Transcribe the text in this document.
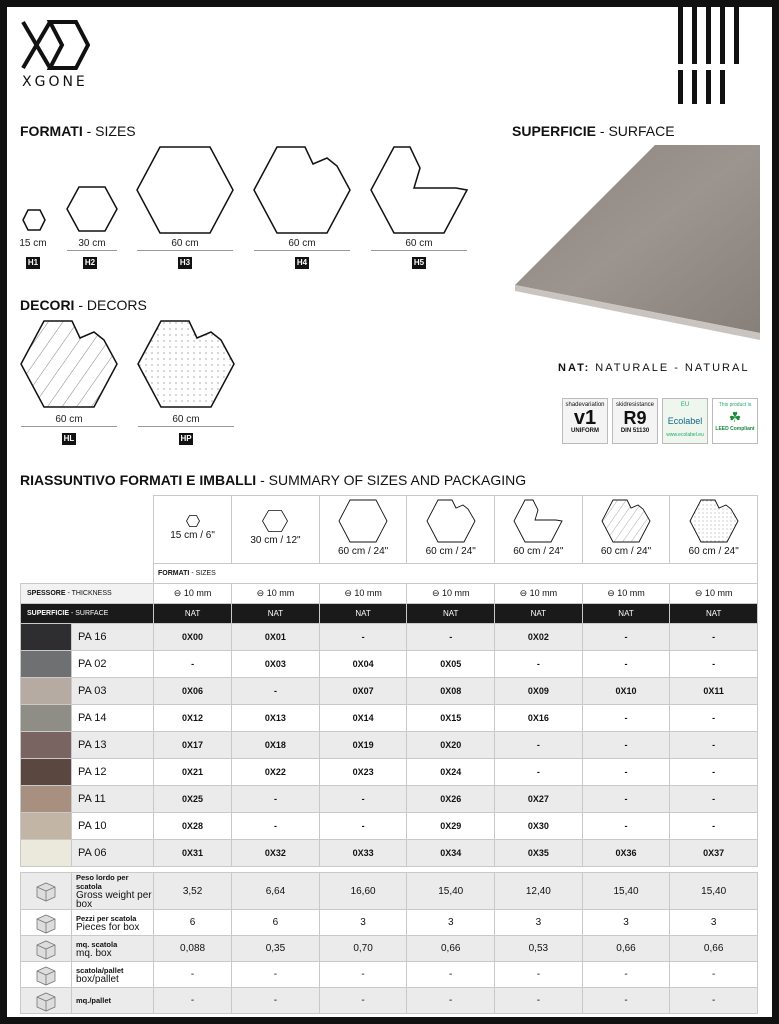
XGONE
FORMATI - SIZES
15 cm
H1
30 cm
H2
60 cm
H3
60 cm
H4
60 cm
H5
DECORI - DECORS
60 cm
HL
60 cm
HP
SUPERFICIE - SURFACE
NAT: NATURALE - NATURAL
shadevariation
v1
UNIFORM
skidresistance
R9
DIN 51130
EU
Ecolabel
www.ecolabel.eu
This product is
☘
LEED Compliant
RIASSUNTIVO FORMATI E IMBALLI - SUMMARY OF SIZES AND PACKAGING

15 cm / 6"	30 cm / 12"	60 cm / 24"	60 cm / 24"	60 cm / 24"	60 cm / 24"	60 cm / 24"
		FORMATI - SIZES						
SPESSORE - THICKNESS		⊖ 10 mm	⊖ 10 mm	⊖ 10 mm	⊖ 10 mm	⊖ 10 mm	⊖ 10 mm	⊖ 10 mm
SUPERFICIE - SURFACE		NAT	NAT	NAT	NAT	NAT	NAT	NAT

	PA 16	0X00	0X01	-	-	0X02	-	-

	PA 02	-	0X03	0X04	0X05	-	-	-

	PA 03	0X06	-	0X07	0X08	0X09	0X10	0X11

	PA 14	0X12	0X13	0X14	0X15	0X16	-	-

	PA 13	0X17	0X18	0X19	0X20	-	-	-

	PA 12	0X21	0X22	0X23	0X24	-	-	-

	PA 11	0X25	-	-	0X26	0X27	-	-

	PA 10	0X28	-	-	0X29	0X30	-	-

	PA 06	0X31	0X32	0X33	0X34	0X35	0X36	0X37

	Peso lordo per scatola
Gross weight per box	3,52	6,64	16,60	15,40	12,40	15,40	15,40
	Pezzi per scatola
Pieces for box	6	6	3	3	3	3	3
	mq. scatola
mq. box	0,088	0,35	0,70	0,66	0,53	0,66	0,66
	scatola/pallet
box/pallet	-	-	-	-	-	-	-
	mq./pallet	-	-	-	-	-	-	-
